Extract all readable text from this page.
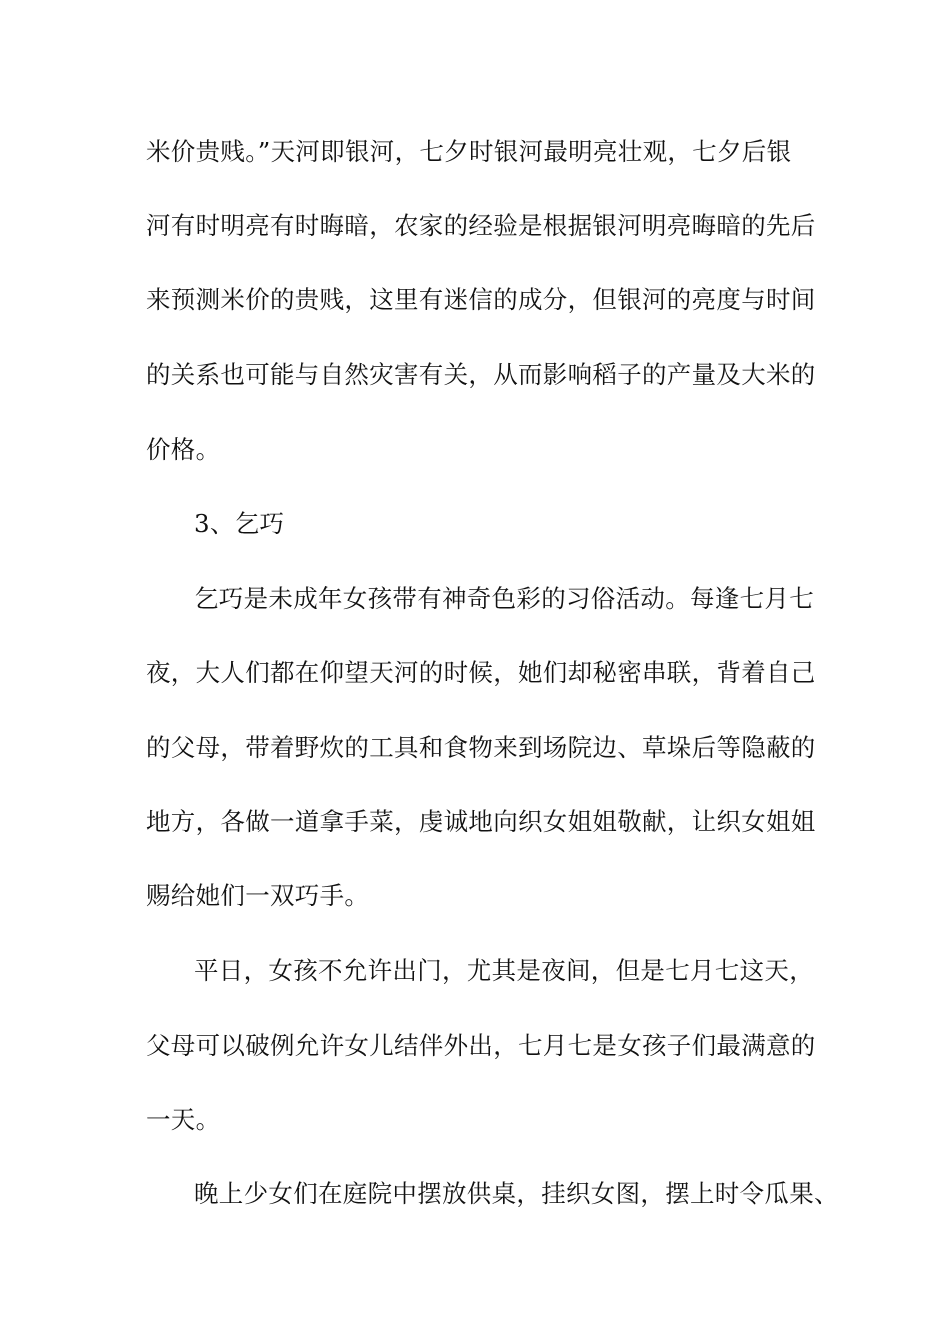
米价贵贱。”天河即银河，七夕时银河最明亮壮观，七夕后银
河有时明亮有时晦暗，农家的经验是根据银河明亮晦暗的先后
来预测米价的贵贱，这里有迷信的成分，但银河的亮度与时间
的关系也可能与自然灾害有关，从而影响稻子的产量及大米的
价格。
3、乞巧
乞巧是未成年女孩带有神奇色彩的习俗活动。每逢七月七
夜，大人们都在仰望天河的时候，她们却秘密串联，背着自己
的父母，带着野炊的工具和食物来到场院边、草垛后等隐蔽的
地方，各做一道拿手菜，虔诚地向织女姐姐敬献，让织女姐姐
赐给她们一双巧手。
平日，女孩不允许出门，尤其是夜间，但是七月七这天，
父母可以破例允许女儿结伴外出，七月七是女孩子们最满意的
一天。
晚上少女们在庭院中摆放供桌，挂织女图，摆上时令瓜果、
